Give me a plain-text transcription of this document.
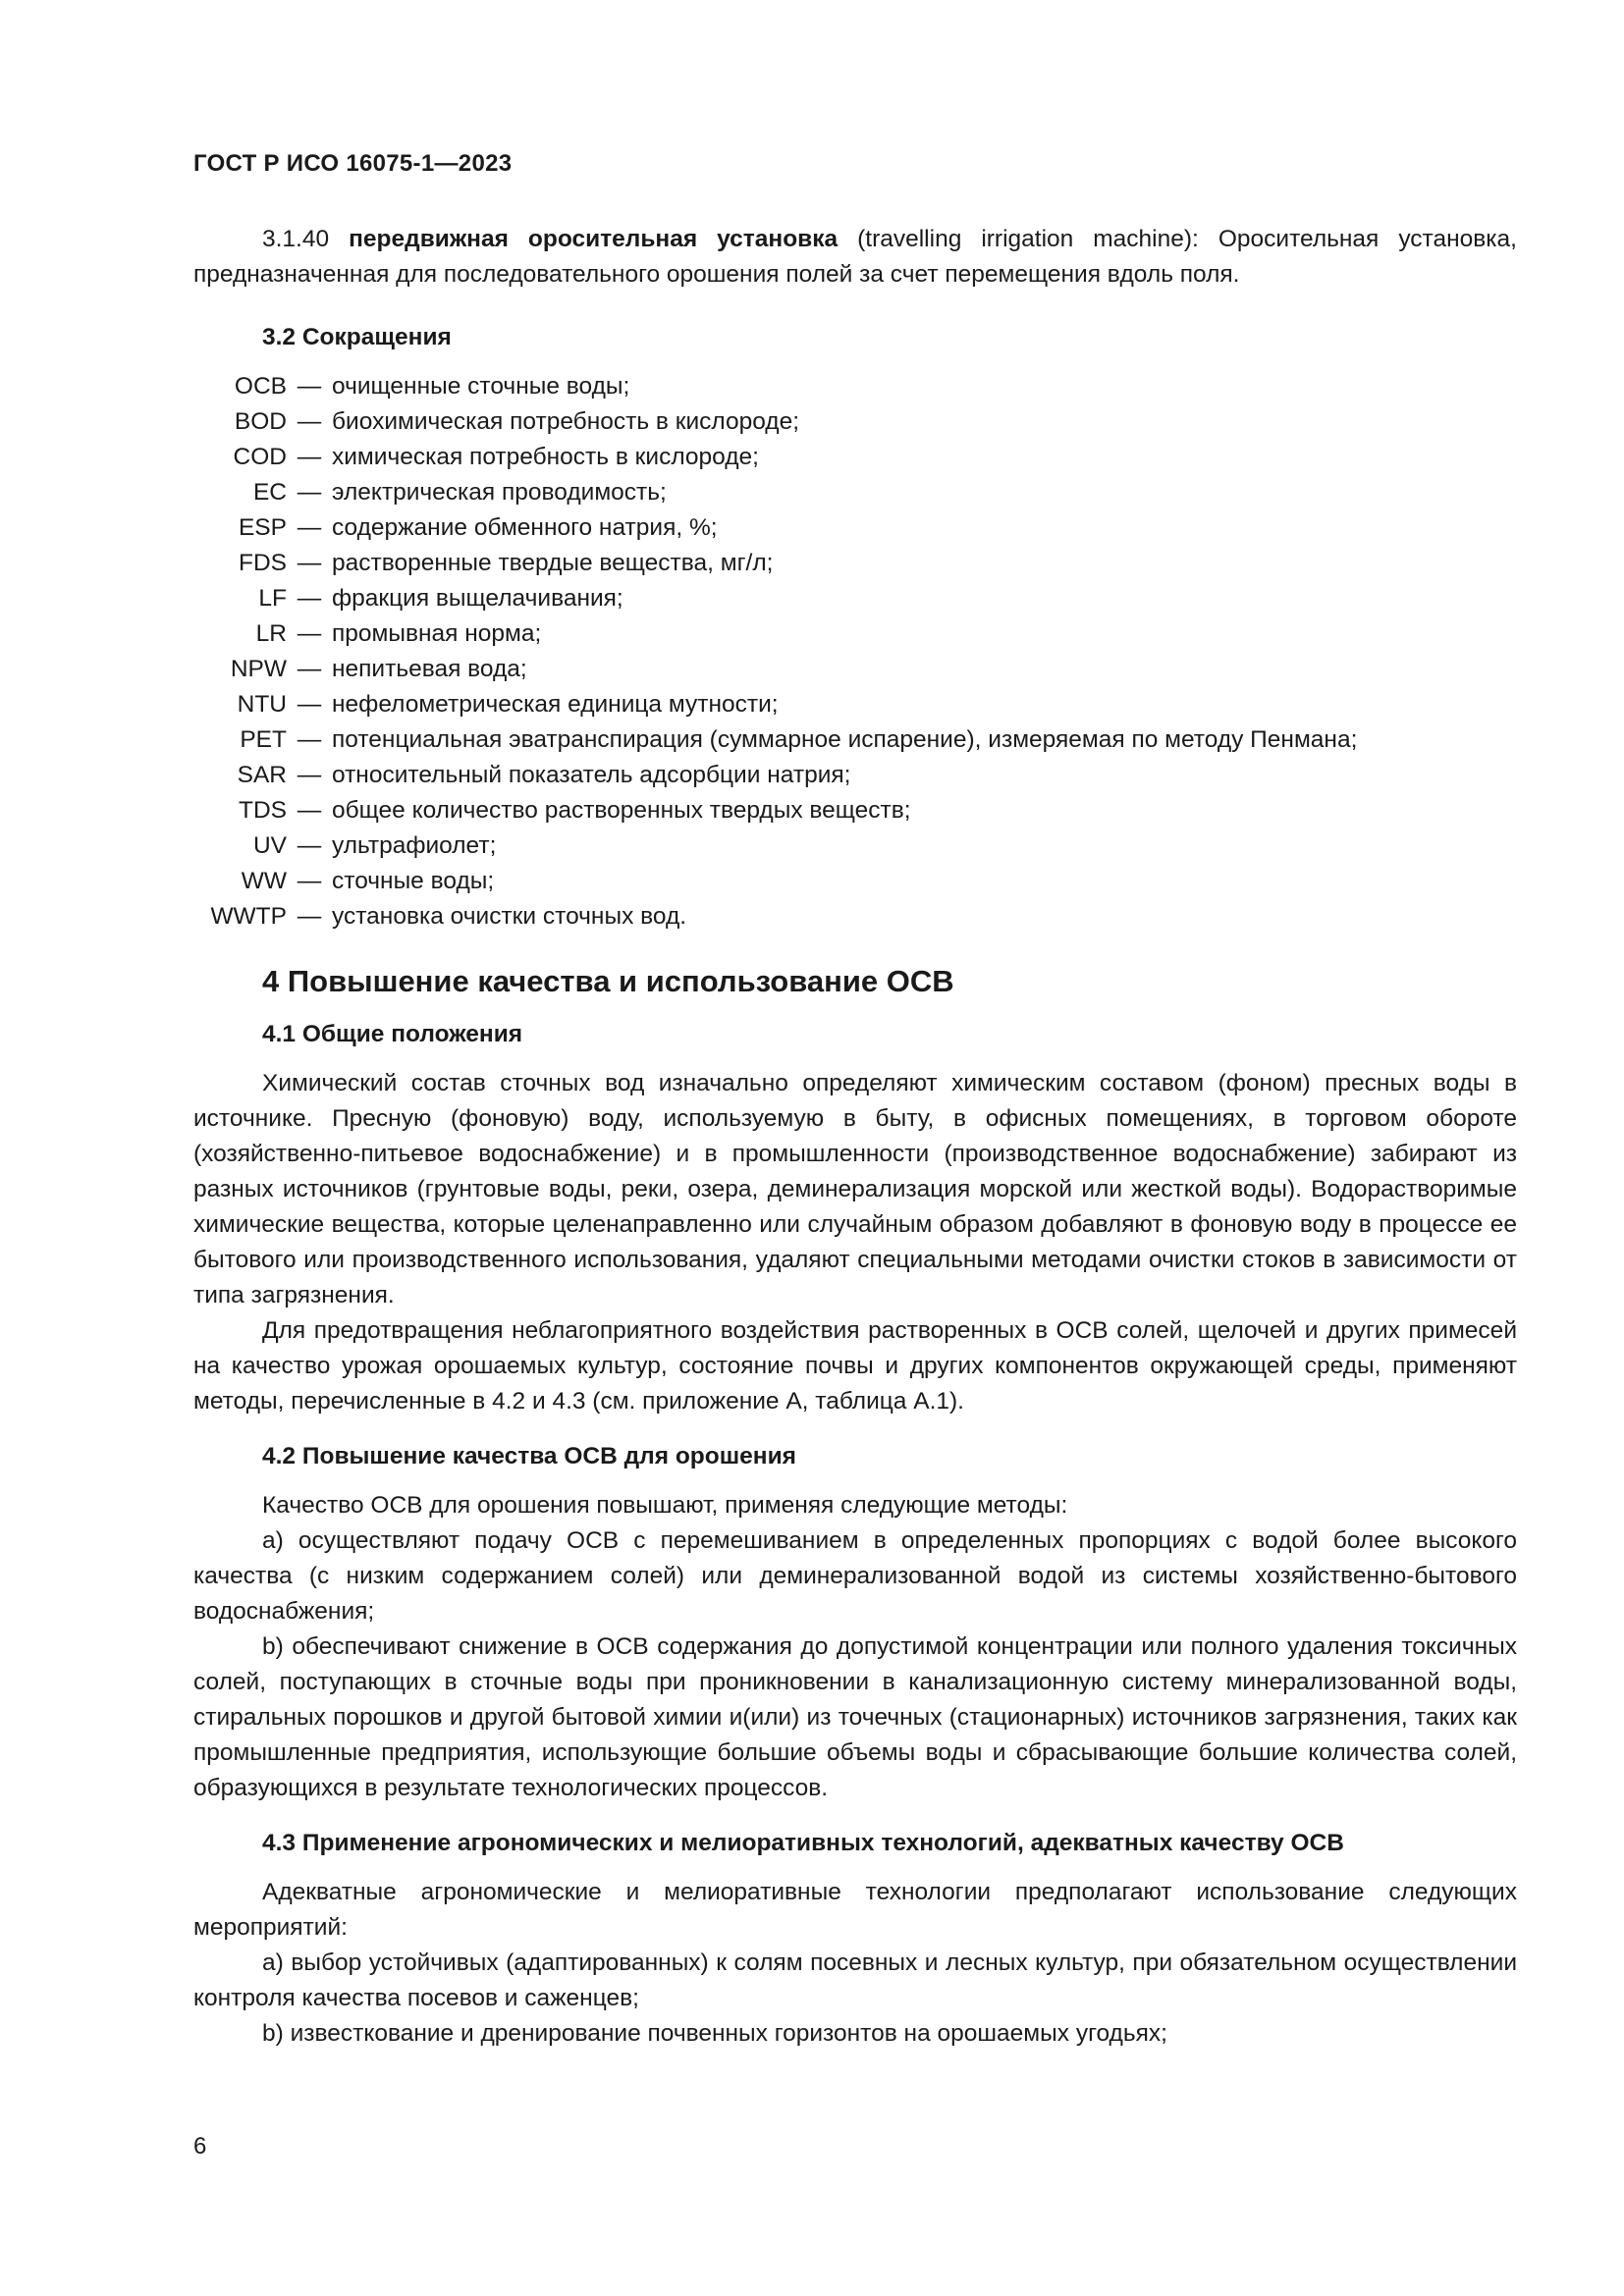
ГОСТ Р ИСО 16075-1—2023

3.1.40 передвижная оросительная установка (travelling irrigation machine): Оросительная установка, предназначенная для последовательного орошения полей за счет перемещения вдоль поля.

3.2 Сокращения
ОСВ — очищенные сточные воды;
BOD — биохимическая потребность в кислороде;
COD — химическая потребность в кислороде;
EC — электрическая проводимость;
ESP — содержание обменного натрия, %;
FDS — растворенные твердые вещества, мг/л;
LF — фракция выщелачивания;
LR — промывная норма;
NPW — непитьевая вода;
NTU — нефелометрическая единица мутности;
PET — потенциальная эватранспирация (суммарное испарение), измеряемая по методу Пенмана;
SAR — относительный показатель адсорбции натрия;
TDS — общее количество растворенных твердых веществ;
UV — ультрафиолет;
WW — сточные воды;
WWTP — установка очистки сточных вод.
4 Повышение качества и использование ОСВ
4.1 Общие положения

Химический состав сточных вод изначально определяют химическим составом (фоном) пресных воды в источнике. Пресную (фоновую) воду, используемую в быту, в офисных помещениях, в торговом обороте (хозяйственно-питьевое водоснабжение) и в промышленности (производственное водоснабжение) забирают из разных источников (грунтовые воды, реки, озера, деминерализация морской или жесткой воды). Водорастворимые химические вещества, которые целенаправленно или случайным образом добавляют в фоновую воду в процессе ее бытового или производственного использования, удаляют специальными методами очистки стоков в зависимости от типа загрязнения.

Для предотвращения неблагоприятного воздействия растворенных в ОСВ солей, щелочей и других примесей на качество урожая орошаемых культур, состояние почвы и других компонентов окружающей среды, применяют методы, перечисленные в 4.2 и 4.3 (см. приложение А, таблица А.1).

4.2 Повышение качества ОСВ для орошения

Качество ОСВ для орошения повышают, применяя следующие методы:

a) осуществляют подачу ОСВ с перемешиванием в определенных пропорциях с водой более высокого качества (с низким содержанием солей) или деминерализованной водой из системы хозяйственно-бытового водоснабжения;

b) обеспечивают снижение в ОСВ содержания до допустимой концентрации или полного удаления токсичных солей, поступающих в сточные воды при проникновении в канализационную систему минерализованной воды, стиральных порошков и другой бытовой химии и(или) из точечных (стационарных) источников загрязнения, таких как промышленные предприятия, использующие большие объемы воды и сбрасывающие большие количества солей, образующихся в результате технологических процессов.

4.3 Применение агрономических и мелиоративных технологий, адекватных качеству ОСВ

Адекватные агрономические и мелиоративные технологии предполагают использование следующих мероприятий:

a) выбор устойчивых (адаптированных) к солям посевных и лесных культур, при обязательном осуществлении контроля качества посевов и саженцев;

b) известкование и дренирование почвенных горизонтов на орошаемых угодьях;

6
